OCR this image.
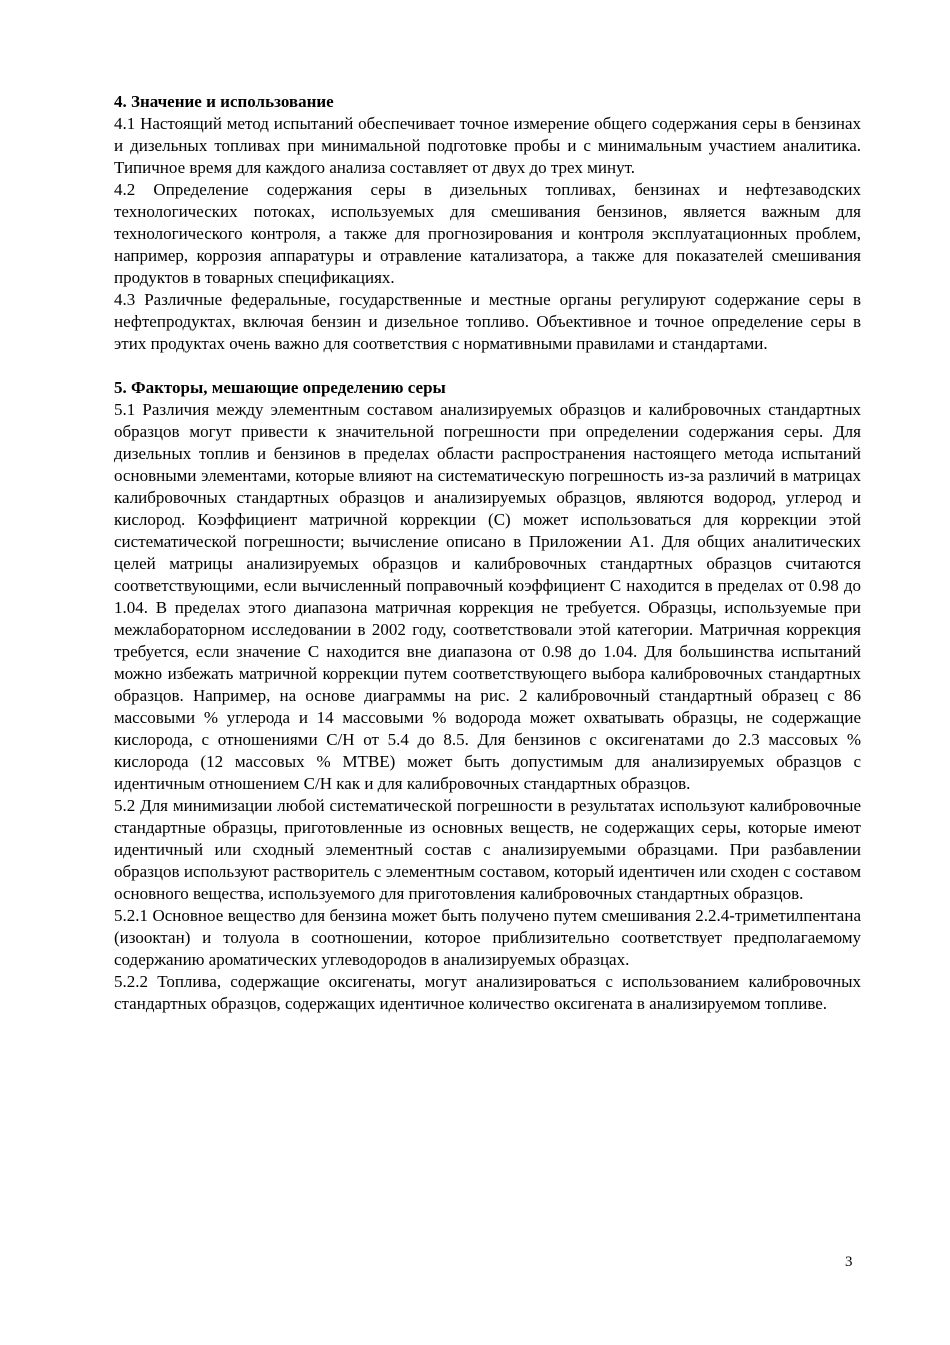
4. Значение и использование

4.1 Настоящий метод испытаний обеспечивает точное измерение общего содержания серы в бензинах и дизельных топливах при минимальной подготовке пробы и с минимальным участием аналитика. Типичное время для каждого анализа составляет от двух до трех минут.

4.2 Определение содержания серы в дизельных топливах, бензинах и нефтезаводских технологических потоках, используемых для смешивания бензинов, является важным для технологического контроля, а также для прогнозирования и контроля эксплуатационных проблем, например, коррозия аппаратуры и отравление катализатора, а также для показателей смешивания продуктов в товарных спецификациях.

4.3 Различные федеральные, государственные и местные органы регулируют содержание серы в нефтепродуктах, включая бензин и дизельное топливо. Объективное и точное определение серы в этих продуктах очень важно для соответствия с нормативными правилами и стандартами.

5. Факторы, мешающие определению серы

5.1 Различия между элементным составом анализируемых образцов и калибровочных стандартных образцов могут привести к значительной погрешности при определении содержания серы. Для дизельных топлив и бензинов в пределах области распространения настоящего метода испытаний основными элементами, которые влияют на систематическую погрешность из-за различий в матрицах калибровочных стандартных образцов и анализируемых образцов, являются водород, углерод и кислород. Коэффициент матричной коррекции (С) может использоваться для коррекции этой систематической погрешности; вычисление описано в Приложении А1. Для общих аналитических целей матрицы анализируемых образцов и калибровочных стандартных образцов считаются соответствующими, если вычисленный поправочный коэффициент С находится в пределах от 0.98 до 1.04. В пределах этого диапазона матричная коррекция не требуется. Образцы, используемые при межлабораторном исследовании в 2002 году, соответствовали этой категории. Матричная коррекция требуется, если значение С находится вне диапазона от 0.98 до 1.04. Для большинства испытаний можно избежать матричной коррекции путем соответствующего выбора калибровочных стандартных образцов. Например, на основе диаграммы на рис. 2 калибровочный стандартный образец с 86 массовыми % углерода и 14 массовыми % водорода может охватывать образцы, не содержащие кислорода, с отношениями С/Н от 5.4 до 8.5. Для бензинов с оксигенатами до 2.3 массовых % кислорода (12 массовых % МТВЕ) может быть допустимым для анализируемых образцов с идентичным отношением С/Н как и для калибровочных стандартных образцов.

5.2 Для минимизации любой систематической погрешности в результатах используют калибровочные стандартные образцы, приготовленные из основных веществ, не содержащих серы, которые имеют идентичный или сходный элементный состав с анализируемыми образцами. При разбавлении образцов используют растворитель с элементным составом, который идентичен или сходен с составом основного вещества, используемого для приготовления калибровочных стандартных образцов.

5.2.1 Основное вещество для бензина может быть получено путем смешивания 2.2.4-триметилпентана (изооктан) и толуола в соотношении, которое приблизительно соответствует предполагаемому содержанию ароматических углеводородов в анализируемых образцах.

5.2.2 Топлива, содержащие оксигенаты, могут анализироваться с использованием калибровочных стандартных образцов, содержащих идентичное количество оксигената в анализируемом топливе.

3
